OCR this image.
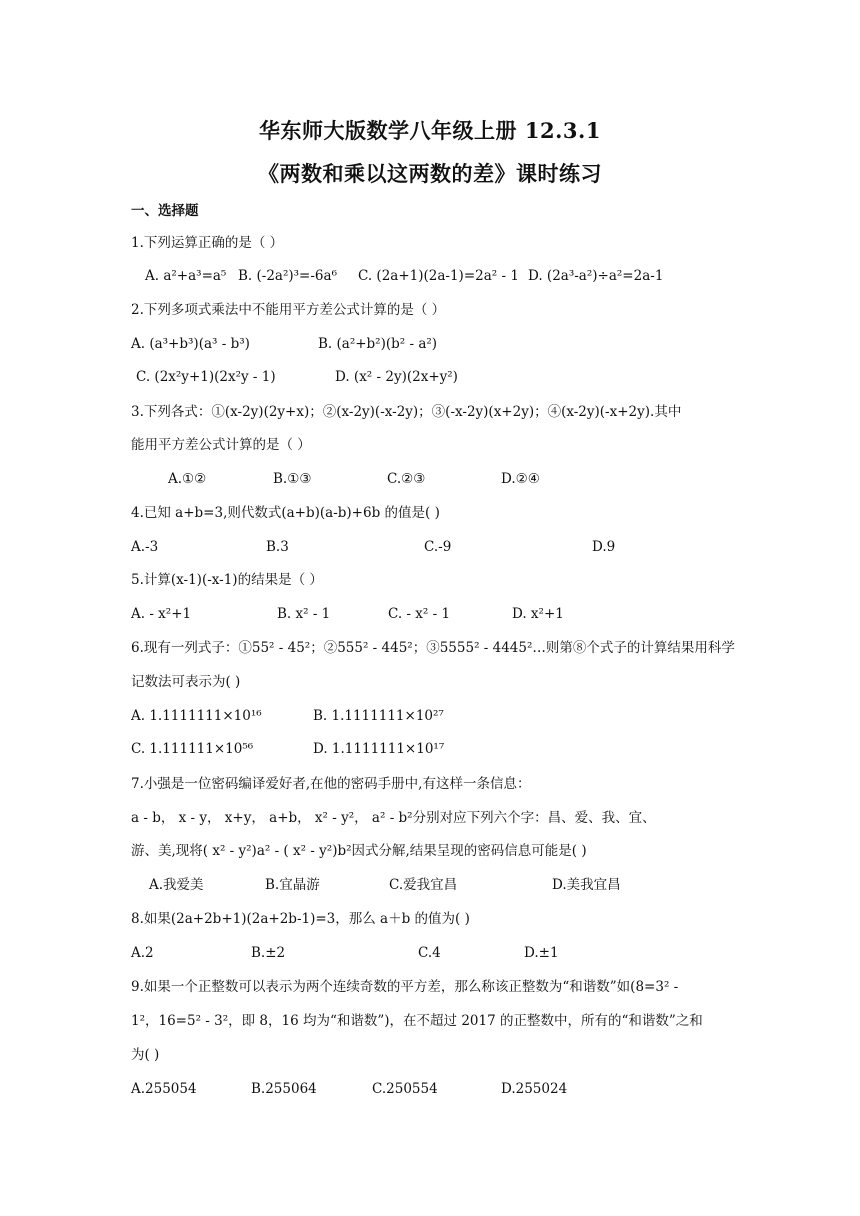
华东师大版数学八年级上册 12.3.1
《两数和乘以这两数的差》课时练习
一、选择题
1.下列运算正确的是（ ）
A. a²+a³=a⁵ B. (-2a²)³=-6a⁶ C. (2a+1)(2a-1)=2a² - 1 D. (2a³-a²)÷a²=2a-1
2.下列多项式乘法中不能用平方差公式计算的是（ ）
A. (a³+b³)(a³ - b³)	B. (a²+b²)(b² - a²)
C. (2x²y+1)(2x²y - 1)	D. (x² - 2y)(2x+y²)
3.下列各式：①(x-2y)(2y+x)；②(x-2y)(-x-2y)；③(-x-2y)(x+2y)；④(x-2y)(-x+2y).其中
能用平方差公式计算的是（ ）
A.①②	B.①③	C.②③	D.②④
4.已知 a+b=3,则代数式(a+b)(a-b)+6b 的值是( )
A.-3	B.3	C.-9	D.9
5.计算(x-1)(-x-1)的结果是（ ）
A. - x²+1	B. x² - 1	C. - x² - 1	D. x²+1
6.现有一列式子：①55² - 45²；②555² - 445²；③5555² - 4445²…则第⑧个式子的计算结果用科学
记数法可表示为( )
A. 1.1111111×10¹⁶	B. 1.1111111×10²⁷
C. 1.111111×10⁵⁶	D. 1.1111111×10¹⁷
7.小强是一位密码编译爱好者,在他的密码手册中,有这样一条信息：
a - b， x - y， x+y， a+b， x² - y²， a² - b²分别对应下列六个字：昌、爱、我、宜、
游、美,现将( x² - y²)a² - ( x² - y²)b²因式分解,结果呈现的密码信息可能是( )
A.我爱美	B.宜晶游	C.爱我宜昌	D.美我宜昌
8.如果(2a+2b+1)(2a+2b-1)=3，那么 a＋b 的值为( )
A.2	B.±2	C.4	D.±1
9.如果一个正整数可以表示为两个连续奇数的平方差，那么称该正整数为“和谐数”如(8=3² -
1²，16=5² - 3²，即 8，16 均为“和谐数”)，在不超过 2017 的正整数中，所有的“和谐数”之和
为( )
A.255054	B.255064	C.250554	D.255024
